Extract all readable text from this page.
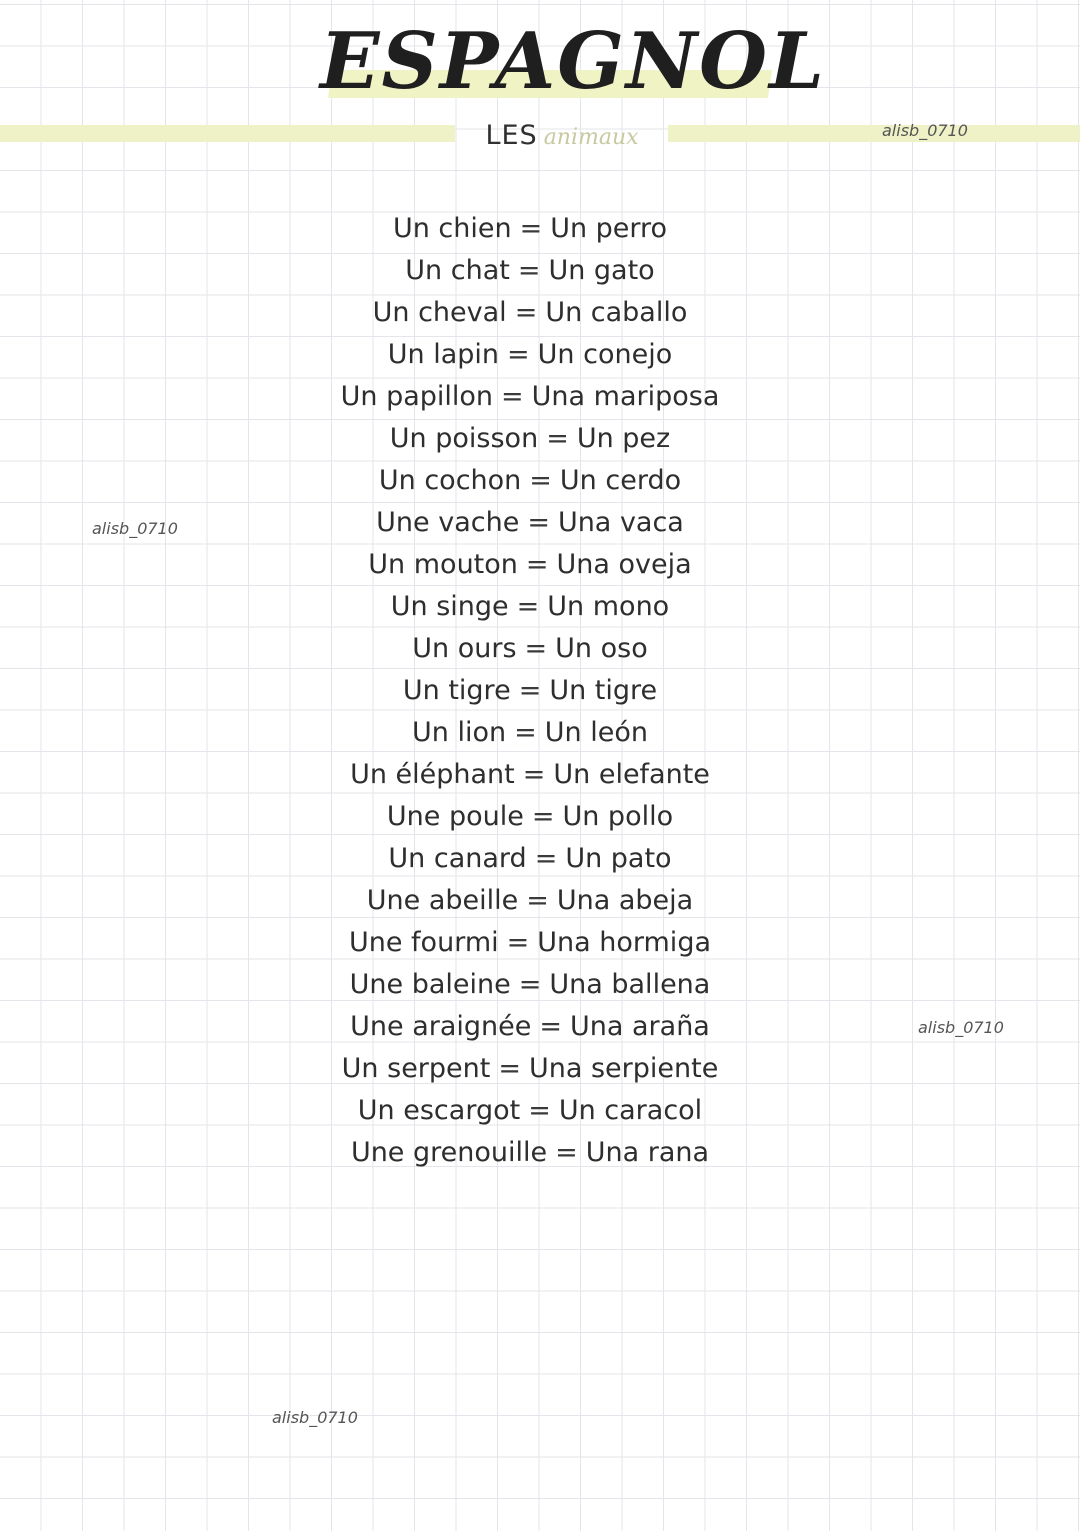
ESPAGNOL

LES animaux	alisb_0710

alisb_0710

alisb_0710

alisb_0710

Un chien = Un perro
Un chat = Un gato
Un cheval = Un caballo
Un lapin = Un conejo
Un papillon = Una mariposa
Un poisson = Un pez
Un cochon = Un cerdo
Une vache = Una vaca
Un mouton = Una oveja
Un singe = Un mono
Un ours = Un oso
Un tigre = Un tigre
Un lion = Un león
Un éléphant = Un elefante
Une poule = Un pollo
Un canard = Un pato
Une abeille = Una abeja
Une fourmi = Una hormiga
Une baleine = Una ballena
Une araignée = Una araña
Un serpent = Una serpiente
Un escargot = Un caracol
Une grenouille = Una rana
